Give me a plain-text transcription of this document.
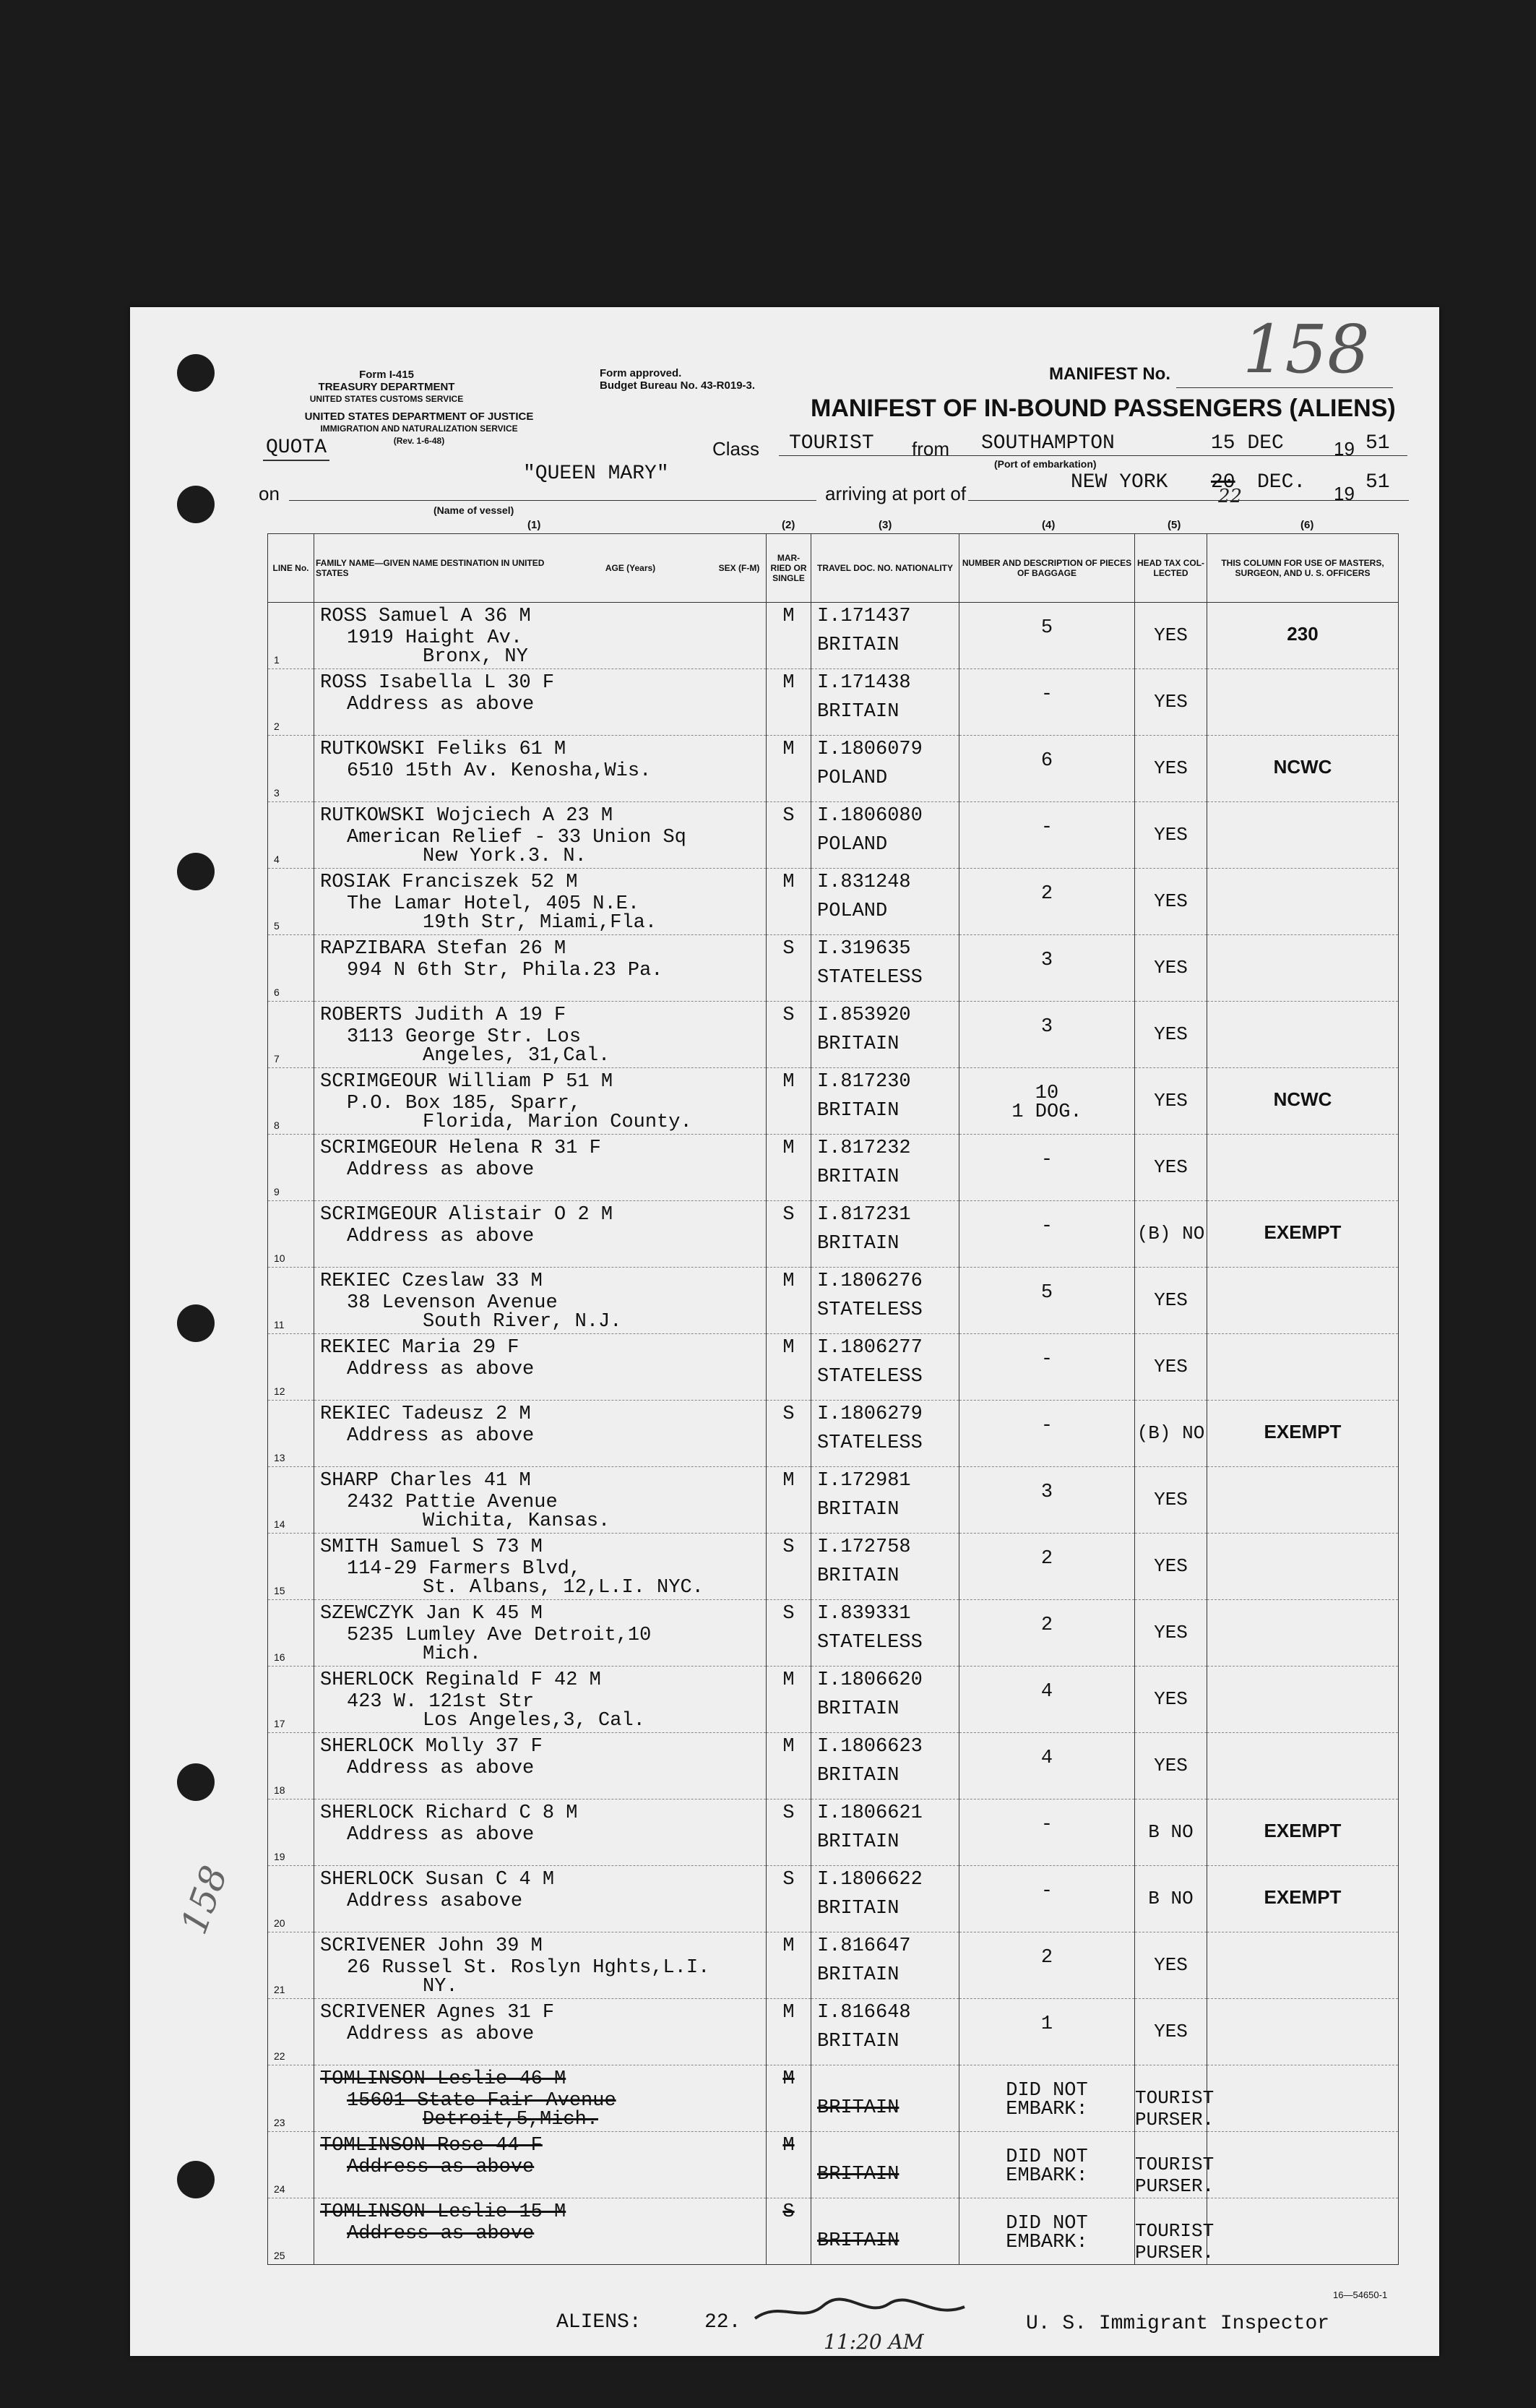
Form I-415
TREASURY DEPARTMENT
UNITED STATES CUSTOMS SERVICE
Form approved.
Budget Bureau No. 43-R019-3.
UNITED STATES DEPARTMENT OF JUSTICE
IMMIGRATION AND NATURALIZATION SERVICE
(Rev. 1-6-48)
QUOTA
MANIFEST No. 158
MANIFEST OF IN-BOUND PASSENGERS (ALIENS)
Class TOURIST from SOUTHAMPTON
(Port of embarkation)
15 DEC	19 51
on
"QUEEN MARY"
(Name of vessel)
arriving at port of	NEW YORK 20
22
DEC. 19 51
(1)	(2)	(3)	(4)	(5)	(6)
LINE No.	FAMILY NAME—GIVEN NAME DESTINATION IN UNITED STATES AGE (Years) SEX (F-M)	MAR-RIED OR SINGLE	TRAVEL DOC. NO. NATIONALITY	NUMBER AND DESCRIPTION OF PIECES OF BAGGAGE	HEAD TAX COL-LECTED	THIS COLUMN FOR USE OF MASTERS, SURGEON, AND U. S. OFFICERS

1	ROSS Samuel A 36 M
1919 Haight Av.
Bronx, NY	M	I.171437
BRITAIN	5	YES	230

2	ROSS Isabella L 30 F
Address as above	M	I.171438
BRITAIN	-	YES	

3	RUTKOWSKI Feliks 61 M
6510 15th Av. Kenosha,Wis.	M	I.1806079
POLAND	6	YES	NCWC

4	RUTKOWSKI Wojciech A 23 M
American Relief - 33 Union Sq
New York.3. N.	S	I.1806080
POLAND	-	YES	

5	ROSIAK Franciszek 52 M
The Lamar Hotel, 405 N.E.
19th Str, Miami,Fla.	M	I.831248
POLAND	2	YES	

6	RAPZIBARA Stefan 26 M
994 N 6th Str, Phila.23 Pa.	S	I.319635
STATELESS	3	YES	

7	ROBERTS Judith A 19 F
3113 George Str. Los
Angeles, 31,Cal.	S	I.853920
BRITAIN	3	YES	

8	SCRIMGEOUR William P 51 M
P.O. Box 185, Sparr,
Florida, Marion County.	M	I.817230
BRITAIN	10
1 DOG.	YES	NCWC

9	SCRIMGEOUR Helena R 31 F
Address as above	M	I.817232
BRITAIN	-	YES	

10	SCRIMGEOUR Alistair O 2 M
Address as above	S	I.817231
BRITAIN	-	(B) NO	EXEMPT

11	REKIEC Czeslaw 33 M
38 Levenson Avenue
South River, N.J.	M	I.1806276
STATELESS	5	YES	

12	REKIEC Maria 29 F
Address as above	M	I.1806277
STATELESS	-	YES	

13	REKIEC Tadeusz 2 M
Address as above	S	I.1806279
STATELESS	-	(B) NO	EXEMPT

14	SHARP Charles 41 M
2432 Pattie Avenue
Wichita, Kansas.	M	I.172981
BRITAIN	3	YES	

15	SMITH Samuel S 73 M
114-29 Farmers Blvd,
St. Albans, 12,L.I. NYC.	S	I.172758
BRITAIN	2	YES	

16	SZEWCZYK Jan K 45 M
5235 Lumley Ave Detroit,10
Mich.	S	I.839331
STATELESS	2	YES	

17	SHERLOCK Reginald F 42 M
423 W. 121st Str
Los Angeles,3, Cal.	M	I.1806620
BRITAIN	4	YES	

18	SHERLOCK Molly 37 F
Address as above	M	I.1806623
BRITAIN	4	YES	

19	SHERLOCK Richard C 8 M
Address as above	S	I.1806621
BRITAIN	-	B NO	EXEMPT

20	SHERLOCK Susan C 4 M
Address asabove	S	I.1806622
BRITAIN	-	B NO	EXEMPT

21	SCRIVENER John 39 M
26 Russel St. Roslyn Hghts,L.I.
NY.	M	I.816647
BRITAIN	2	YES	

22	SCRIVENER Agnes 31 F
Address as above	M	I.816648
BRITAIN	1	YES	

23	TOMLINSON Leslie 46 M
15601 State Fair Avenue
Detroit,5,Mich.	M	BRITAIN	DID NOT EMBARK:	TOURIST PURSER.	

24	TOMLINSON Rose 44 F
Address as above	M	BRITAIN	DID NOT EMBARK:	TOURIST PURSER.	

25	TOMLINSON Leslie 15 M
Address as above	S	BRITAIN	DID NOT EMBARK:	TOURIST PURSER.	

ALIENS:	22.
11:20 AM
U. S. Immigrant Inspector
16—54650-1
158
